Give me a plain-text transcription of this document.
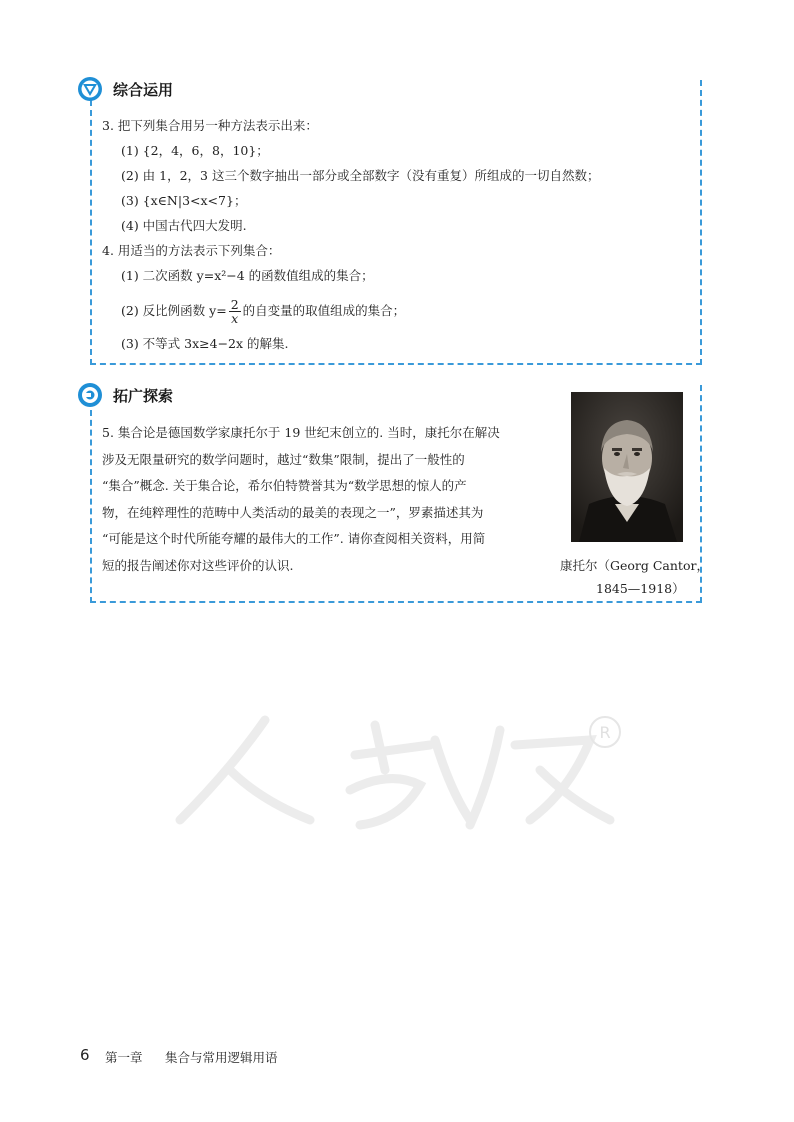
综合运用
3. 把下列集合用另一种方法表示出来：
(1) {2，4，6，8，10}；
(2) 由 1，2，3 这三个数字抽出一部分或全部数字（没有重复）所组成的一切自然数；
(3) {x∈N|3<x<7}；
(4) 中国古代四大发明.
4. 用适当的方法表示下列集合：
(1) 二次函数 y=x²−4 的函数值组成的集合；
(2) 反比例函数 $y= \frac{2}{x}$ 的自变量的取值组成的集合；
(3) 不等式 3x≥4−2x 的解集.
拓广探索
5. 集合论是德国数学家康托尔于 19 世纪末创立的. 当时，康托尔在解决
涉及无限量研究的数学问题时，越过“数集”限制，提出了一般性的
“集合”概念. 关于集合论，希尔伯特赞誉其为“数学思想的惊人的产
物，在纯粹理性的范畴中人类活动的最美的表现之一”，罗素描述其为
“可能是这个时代所能夸耀的最伟大的工作”. 请你查阅相关资料，用简
短的报告阐述你对这些评价的认识.	康托尔（Georg Cantor，
1845—1918）
R
6 第一章 集合与常用逻辑用语
